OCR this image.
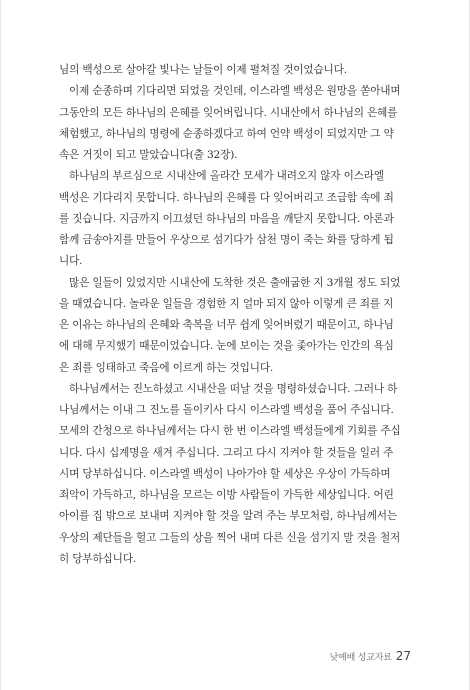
님의 백성으로 살아갈 빛나는 날들이 이제 펼쳐질 것이었습니다.
이제 순종하며 기다리면 되었을 것인데, 이스라엘 백성은 원망을 쏟아내며
그동안의 모든 하나님의 은혜를 잊어버립니다. 시내산에서 하나님의 은혜를
체험했고, 하나님의 명령에 순종하겠다고 하여 언약 백성이 되었지만 그 약
속은 거짓이 되고 말았습니다(출 32장).
하나님의 부르심으로 시내산에 올라간 모세가 내려오지 않자 이스라엘
백성은 기다리지 못합니다. 하나님의 은혜를 다 잊어버리고 조급함 속에 죄
를 짓습니다. 지금까지 이끄셨던 하나님의 마음을 깨닫지 못합니다. 아론과
함께 금송아지를 만들어 우상으로 섬기다가 삼천 명이 죽는 화를 당하게 됩
니다.
많은 일들이 있었지만 시내산에 도착한 것은 출애굽한 지 3개월 정도 되었
을 때였습니다. 놀라운 일들을 경험한 지 얼마 되지 않아 이렇게 큰 죄를 지
은 이유는 하나님의 은혜와 축복을 너무 쉽게 잊어버렸기 때문이고, 하나님
에 대해 무지했기 때문이었습니다. 눈에 보이는 것을 좇아가는 인간의 욕심
은 죄를 잉태하고 죽음에 이르게 하는 것입니다.
하나님께서는 진노하셨고 시내산을 떠날 것을 명령하셨습니다. 그러나 하
나님께서는 이내 그 진노를 돌이키사 다시 이스라엘 백성을 품어 주십니다.
모세의 간청으로 하나님께서는 다시 한 번 이스라엘 백성들에게 기회를 주십
니다. 다시 십계명을 새겨 주십니다. 그리고 다시 지켜야 할 것들을 일러 주
시며 당부하십니다. 이스라엘 백성이 나아가야 할 세상은 우상이 가득하며
죄악이 가득하고, 하나님을 모르는 이방 사람들이 가득한 세상입니다. 어린
아이를 집 밖으로 보내며 지켜야 할 것을 알려 주는 부모처럼, 하나님께서는
우상의 제단들을 헐고 그들의 상을 찍어 내며 다른 신을 섬기지 말 것을 철저
히 당부하십니다.
낮예배 성교자료 27
